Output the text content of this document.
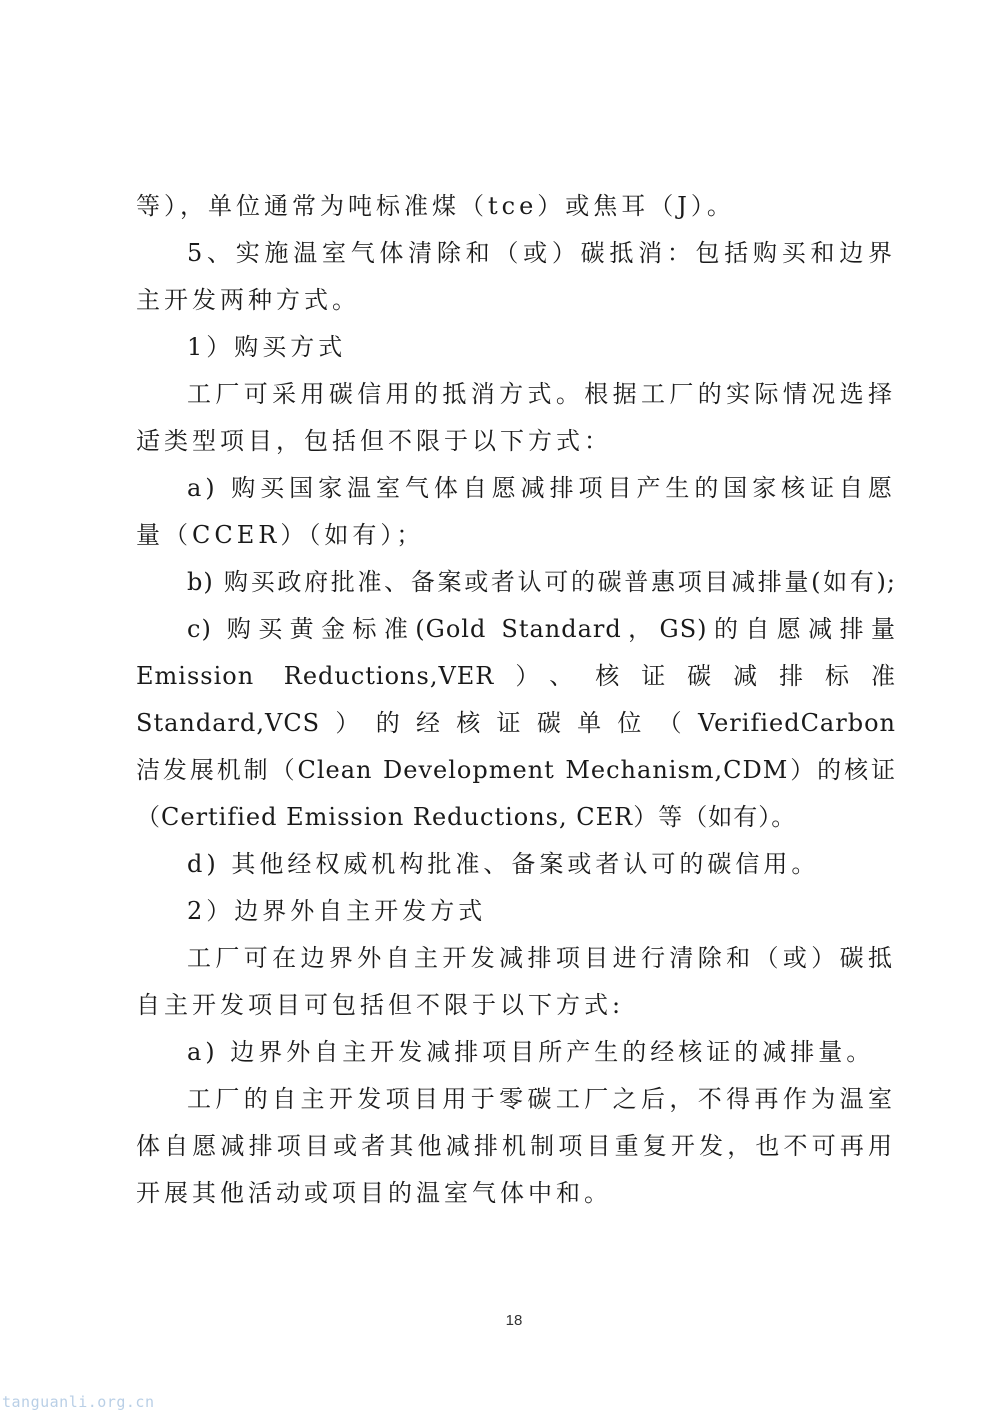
等），单位通常为吨标准煤（tce）或焦耳（J）。
5、实施温室气体清除和（或）碳抵消：包括购买和边界
主开发两种方式。
1）购买方式
工厂可采用碳信用的抵消方式。根据工厂的实际情况选择
适类型项目，包括但不限于以下方式：
a) 购买国家温室气体自愿减排项目产生的国家核证自愿
量（CCER）（如有）；
b) 购买政府批准、备案或者认可的碳普惠项目减排量(如有);
c) 购买黄金标准(Gold Standard，GS)的自愿减排量
Emission Reductions,VER）、核证碳减排标准
Standard,VCS）的经核证碳单位（VerifiedCarbon
洁发展机制（Clean Development Mechanism,CDM）的核证
（Certified Emission Reductions, CER）等（如有）。
d) 其他经权威机构批准、备案或者认可的碳信用。
2）边界外自主开发方式
工厂可在边界外自主开发减排项目进行清除和（或）碳抵
自主开发项目可包括但不限于以下方式:
a) 边界外自主开发减排项目所产生的经核证的减排量。
工厂的自主开发项目用于零碳工厂之后，不得再作为温室
体自愿减排项目或者其他减排机制项目重复开发，也不可再用
开展其他活动或项目的温室气体中和。
18
tanguanli.org.cn
